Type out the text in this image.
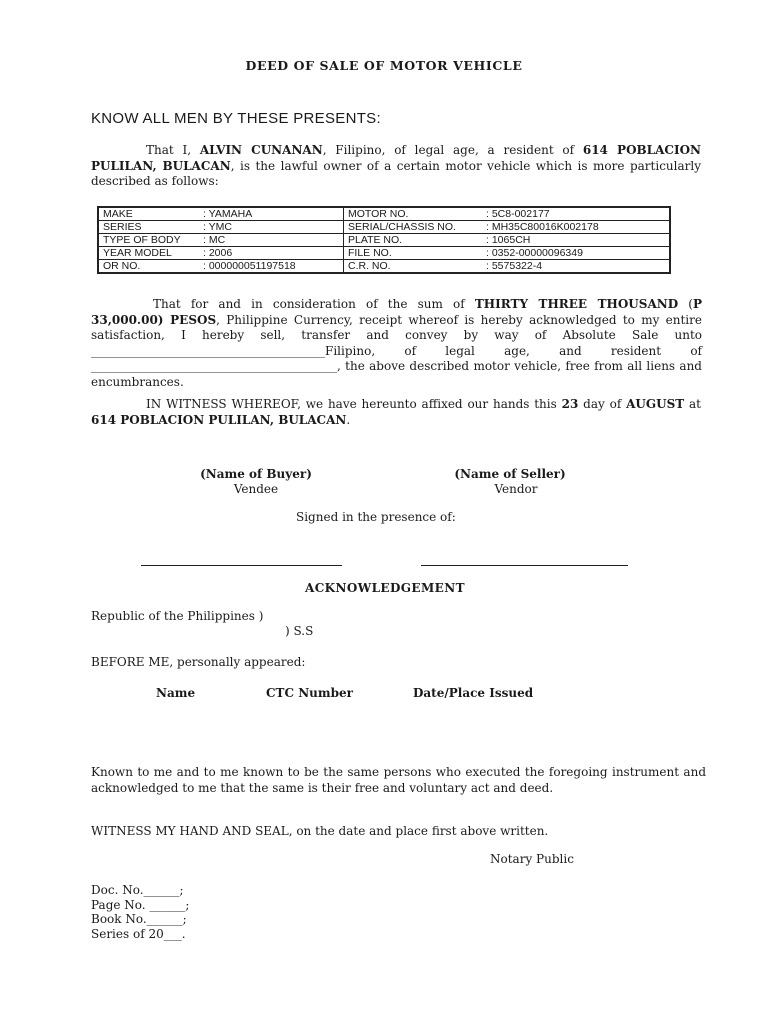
DEED OF SALE OF MOTOR VEHICLE
KNOW ALL MEN BY THESE PRESENTS:
That I, ALVIN CUNANAN, Filipino, of legal age, a resident of 614 POBLACION PULILAN, BULACAN, is the lawful owner of a certain motor vehicle which is more particularly described as follows:
MAKE : YAMAHA	MOTOR NO. : 5C8-002177
SERIES : YMC	SERIAL/CHASSIS NO. : MH35C80016K002178
TYPE OF BODY : MC	PLATE NO. : 1065CH
YEAR MODEL : 2006	FILE NO. : 0352-00000096349
OR NO. : 000000051197518	C.R. NO. : 5575322-4
That for and in consideration of the sum of THIRTY THREE THOUSAND (P 33,000.00) PESOS, Philippine Currency, receipt whereof is hereby acknowledged to my entire satisfaction, I hereby sell, transfer and convey by way of Absolute Sale unto _______________________________________Filipino, of legal age, and resident of _________________________________________, the above described motor vehicle, free from all liens and encumbrances.
IN WITNESS WHEREOF, we have hereunto affixed our hands this 23 day of AUGUST at 614 POBLACION PULILAN, BULACAN.
(Name of Buyer)
Vendee
(Name of Seller)
Vendor
Signed in the presence of:
ACKNOWLEDGEMENT
Republic of the Philippines )
) S.S
BEFORE ME, personally appeared:
Name	CTC Number	Date/Place Issued
Known to me and to me known to be the same persons who executed the foregoing instrument and acknowledged to me that the same is their free and voluntary act and deed.
WITNESS MY HAND AND SEAL, on the date and place first above written.
Notary Public
Doc. No.______;
Page No. ______;
Book No.______;
Series of 20___.
